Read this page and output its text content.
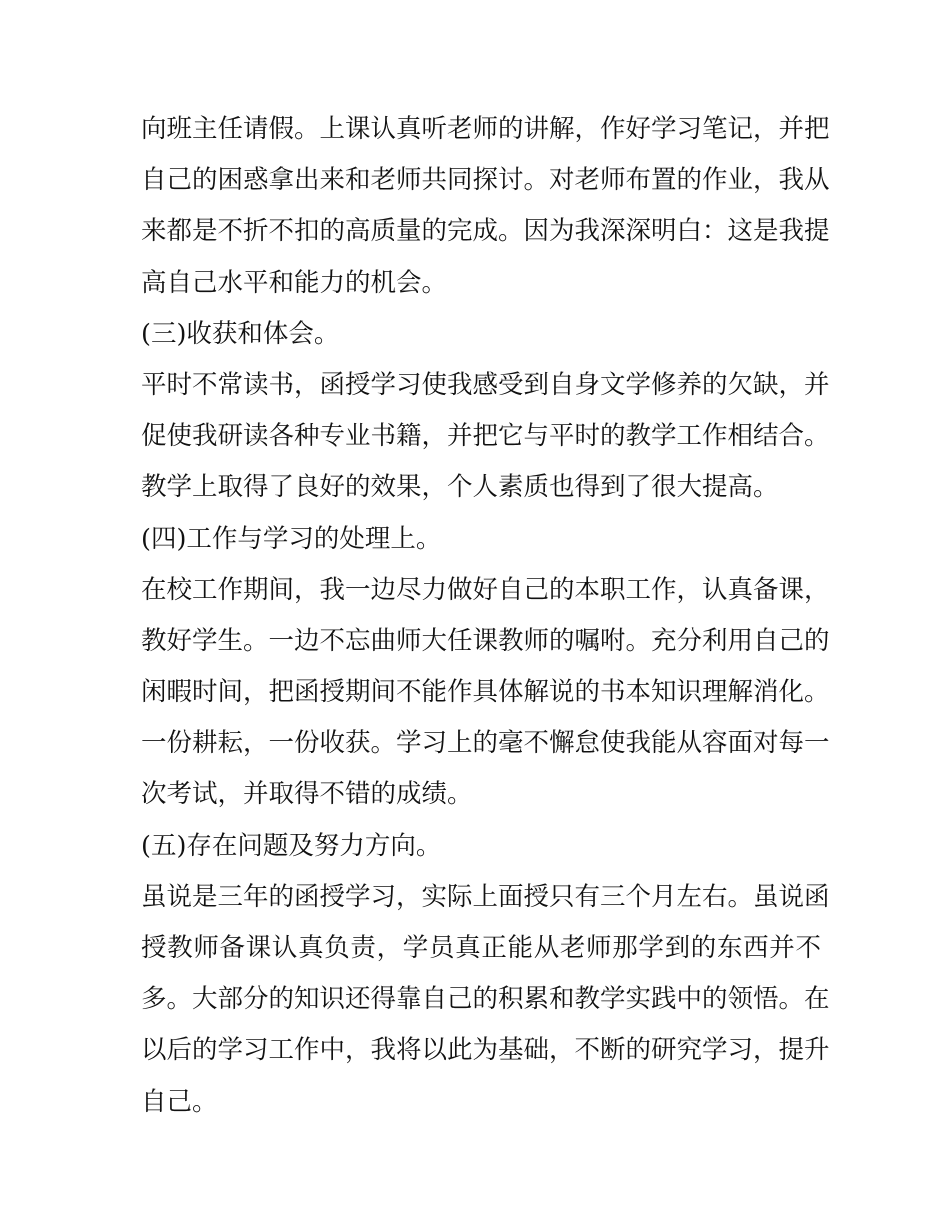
向班主任请假。上课认真听老师的讲解，作好学习笔记，并把
自己的困惑拿出来和老师共同探讨。对老师布置的作业，我从
来都是不折不扣的高质量的完成。因为我深深明白：这是我提
高自己水平和能力的机会。
(三)收获和体会。
平时不常读书，函授学习使我感受到自身文学修养的欠缺，并
促使我研读各种专业书籍，并把它与平时的教学工作相结合。
教学上取得了良好的效果，个人素质也得到了很大提高。
(四)工作与学习的处理上。
在校工作期间，我一边尽力做好自己的本职工作，认真备课，
教好学生。一边不忘曲师大任课教师的嘱咐。充分利用自己的
闲暇时间，把函授期间不能作具体解说的书本知识理解消化。
一份耕耘，一份收获。学习上的毫不懈怠使我能从容面对每一
次考试，并取得不错的成绩。
(五)存在问题及努力方向。
虽说是三年的函授学习，实际上面授只有三个月左右。虽说函
授教师备课认真负责，学员真正能从老师那学到的东西并不
多。大部分的知识还得靠自己的积累和教学实践中的领悟。在
以后的学习工作中，我将以此为基础，不断的研究学习，提升
自己。
